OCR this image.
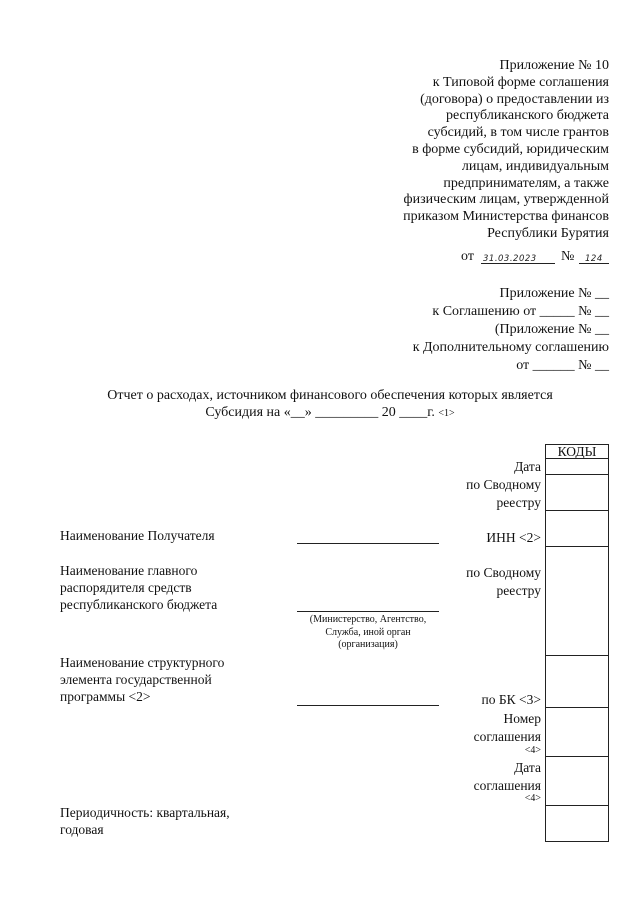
Приложение № 10
к Типовой форме соглашения
(договора) о предоставлении из
республиканского бюджета
субсидий, в том числе грантов
в форме субсидий, юридическим
лицам, индивидуальным
предпринимателям, а также
физическим лицам, утвержденной
приказом Министерства финансов
Республики Бурятия
от 31.03.2023 № 124
Приложение № __
к Соглашению от _____ № __
(Приложение № __
к Дополнительному соглашению
от ______ № __
Отчет о расходах, источником финансового обеспечения которых является
Субсидия на «__» _________ 20 ____г. <1>
КОДЫ
Дата
по Сводному
реестру
ИНН <2>
по Сводному
реестру
по БК <3>
Номер
соглашения
<4>
Дата
соглашения
<4>
Наименование Получателя
Наименование главного
распорядителя средств
республиканского бюджета
(Министерство, Агентство,
Служба, иной орган
(организация)
Наименование структурного
элемента государственной
программы <2>
Периодичность: квартальная,
годовая
